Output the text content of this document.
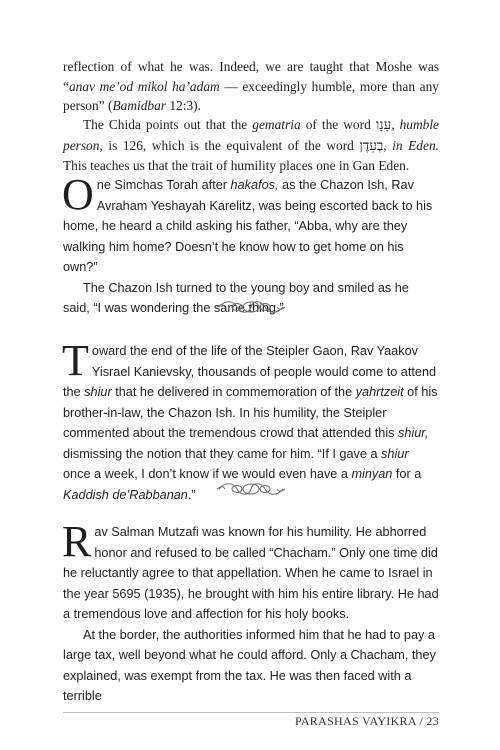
reflection of what he was. Indeed, we are taught that Moshe was “anav me’od mikol ha’adam — exceedingly humble, more than any person” (Bamidbar 12:3).

The Chida points out that the gematria of the word עָנָו, humble person, is 126, which is the equivalent of the word בְעֵדֶן, in Eden. This teaches us that the trait of humility places one in Gan Eden.

One Simchas Torah after hakafos, as the Chazon Ish, Rav Avraham Yeshayah Karelitz, was being escorted back to his home, he heard a child asking his father, “Abba, why are they walking him home? Doesn’t he know how to get home on his own?”

The Chazon Ish turned to the young boy and smiled as he said, “I was wondering the same thing.”

Toward the end of the life of the Steipler Gaon, Rav Yaakov Yisrael Kanievsky, thousands of people would come to attend the shiur that he delivered in commemoration of the yahrtzeit of his brother-in-law, the Chazon Ish. In his humility, the Steipler commented about the tremendous crowd that attended this shiur, dismissing the notion that they came for him. “If I gave a shiur once a week, I don’t know if we would even have a minyan for a Kaddish de’Rabbanan.”

Rav Salman Mutzafi was known for his humility. He abhorred honor and refused to be called “Chacham.” Only one time did he reluctantly agree to that appellation. When he came to Israel in the year 5695 (1935), he brought with him his entire library. He had a tremendous love and affection for his holy books.

At the border, the authorities informed him that he had to pay a large tax, well beyond what he could afford. Only a Chacham, they explained, was exempt from the tax. He was then faced with a terrible

PARASHAS VAYIKRA / 23
